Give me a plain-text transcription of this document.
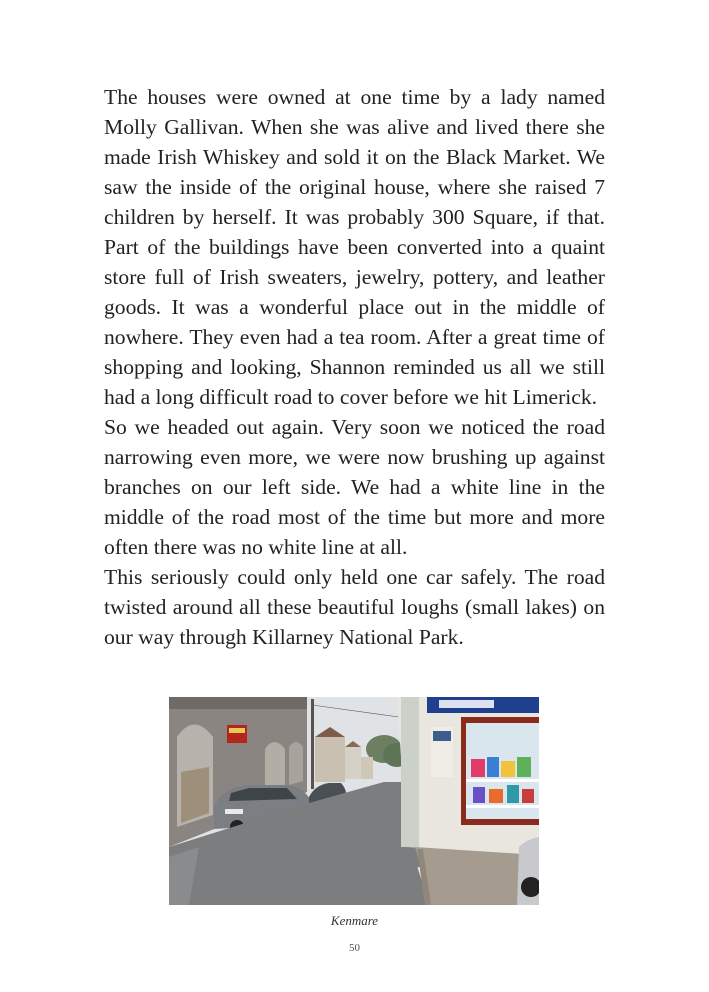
The houses were owned at one time by a lady named Molly Gallivan. When she was alive and lived there she made Irish Whiskey and sold it on the Black Market. We saw the inside of the original house, where she raised 7 children by herself. It was probably 300 Square, if that. Part of the buildings have been converted into a quaint store full of Irish sweaters, jewelry, pottery, and leather goods. It was a wonderful place out in the middle of nowhere. They even had a tea room. After a great time of shopping and looking, Shannon reminded us all we still had a long difficult road to cover before we hit Limerick.

So we headed out again. Very soon we noticed the road narrowing even more, we were now brushing up against branches on our left side. We had a white line in the middle of the road most of the time but more and more often there was no white line at all.

This seriously could only held one car safely. The road twisted around all these beautiful loughs (small lakes) on our way through Killarney National Park.

Kenmare
50
